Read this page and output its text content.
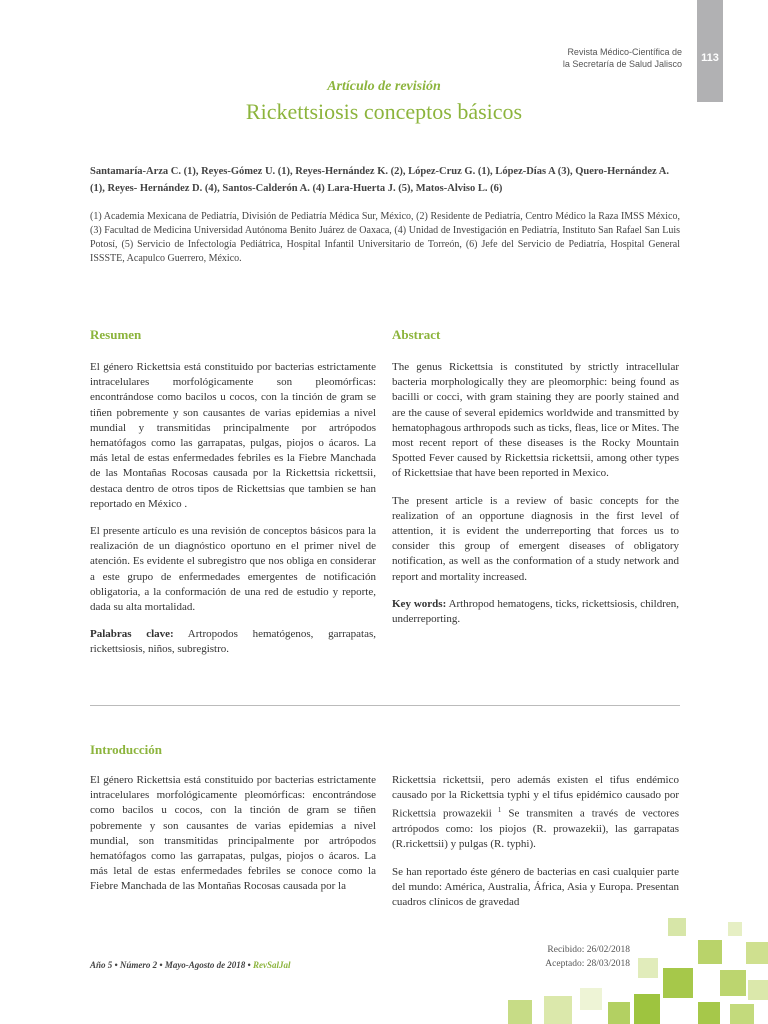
Revista Médico-Científica de
la Secretaría de Salud Jalisco	113
Artículo de revisión
Rickettsiosis conceptos básicos
Santamaría-Arza C. (1), Reyes-Gómez U. (1), Reyes-Hernández K. (2), López-Cruz G. (1), López-Días A (3), Quero-Hernández A.
(1), Reyes- Hernández D. (4), Santos-Calderón A. (4) Lara-Huerta J. (5), Matos-Alviso L. (6)
(1) Academia Mexicana de Pediatría, División de Pediatría Médica Sur, México, (2) Residente de Pediatría, Centro Médico la Raza IMSS México, (3) Facultad de Medicina Universidad Autónoma Benito Juárez de Oaxaca, (4) Unidad de Investigación en Pediatría, Instituto San Rafael San Luis Potosí, (5) Servicio de Infectología Pediátrica, Hospital Infantil Universitario de Torreón, (6) Jefe del Servicio de Pediatría, Hospital General ISSSTE, Acapulco Guerrero, México.
Resumen	Abstract

El género Rickettsia está constituido por bacterias estrictamente intracelulares morfológicamente son pleomórficas: encontrándose como bacilos u cocos, con la tinción de gram se tiñen pobremente y son causantes de varias epidemias a nivel mundial y transmitidas principalmente por artrópodos hematófagos como las garrapatas, pulgas, piojos o ácaros. La más letal de estas enfermedades febriles es la Fiebre Manchada de las Montañas Rocosas causada por la Rickettsia rickettsii, destaca dentro de otros tipos de Rickettsias que tambien se han reportado en México .

El presente artículo es una revisión de conceptos básicos para la realización de un diagnóstico oportuno en el primer nivel de atención. Es evidente el subregistro que nos obliga en considerar a este grupo de enfermedades emergentes de notificación obligatoria, a la conformación de una red de estudio y reporte, dada su alta mortalidad.

Palabras clave: Artropodos hematógenos, garrapatas, rickettsiosis, niños, subregistro.

The genus Rickettsia is constituted by strictly intracellular bacteria morphologically they are pleomorphic: being found as bacilli or cocci, with gram staining they are poorly stained and are the cause of several epidemics worldwide and transmitted by hematophagous arthropods such as ticks, fleas, lice or Mites. The most recent report of these diseases is the Rocky Mountain Spotted Fever caused by Rickettsia rickettsii, among other types of Rickettsiae that have been reported in Mexico.

The present article is a review of basic concepts for the realization of an opportune diagnosis in the first level of attention, it is evident the underreporting that forces us to consider this group of emergent diseases of obligatory notification, as well as the conformation of a study network and report and mortality increased.

Key words: Arthropod hematogens, ticks, rickettsiosis, children, underreporting.

Introducción

El género Rickettsia está constituido por bacterias estrictamente intracelulares morfológicamente pleomórficas: encontrándose como bacilos u cocos, con la tinción de gram se tiñen pobremente y son causantes de varias epidemias a nivel mundial, son transmitidas principalmente por artrópodos hematófagos como las garrapatas, pulgas, piojos o ácaros. La más letal de estas enfermedades febriles se conoce como la Fiebre Manchada de las Montañas Rocosas causada por la

Rickettsia rickettsii, pero además existen el tifus endémico causado por la Rickettsia typhi y el tifus epidémico causado por Rickettsia prowazekii $^1$ Se transmiten a través de vectores artrópodos como: los piojos (R. prowazekii), las garrapatas (R.rickettsii) y pulgas (R. typhi).

Se han reportado éste género de bacterias en casi cualquier parte del mundo: América, Australia, África, Asia y Europa. Presentan cuadros clínicos de gravedad

Año 5 • Número 2 • Mayo-Agosto de 2018 • RevSalJal
Recibido: 26/02/2018
Aceptado: 28/03/2018
